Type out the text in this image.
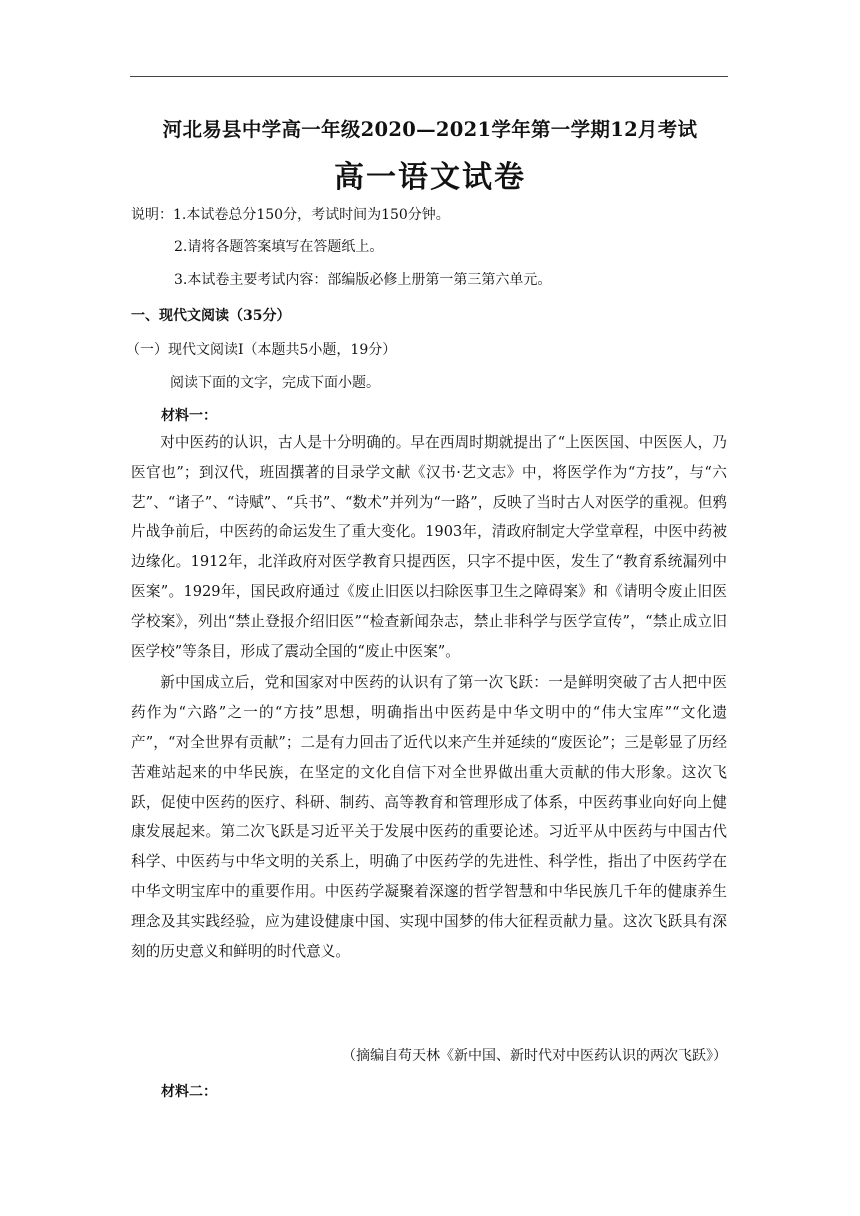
河北易县中学高一年级2020—2021学年第一学期12月考试
高一语文试卷
说明：1.本试卷总分150分，考试时间为150分钟。
2.请将各题答案填写在答题纸上。
3.本试卷主要考试内容：部编版必修上册第一第三第六单元。
一、现代文阅读（35分）
（一）现代文阅读Ⅰ（本题共5小题，19分）
阅读下面的文字，完成下面小题。
材料一：

对中医药的认识，古人是十分明确的。早在西周时期就提出了“上医医国、中医医人，乃医官也”；到汉代，班固撰著的目录学文献《汉书·艺文志》中，将医学作为“方技”，与“六艺”、“诸子”、“诗赋”、“兵书”、“数术”并列为“一路”，反映了当时古人对医学的重视。但鸦片战争前后，中医药的命运发生了重大变化。1903年，清政府制定大学堂章程，中医中药被边缘化。1912年，北洋政府对医学教育只提西医，只字不提中医，发生了“教育系统漏列中医案”。1929年，国民政府通过《废止旧医以扫除医事卫生之障碍案》和《请明令废止旧医学校案》，列出“禁止登报介绍旧医”“检查新闻杂志，禁止非科学与医学宣传”，“禁止成立旧医学校”等条目，形成了震动全国的“废止中医案”。

新中国成立后，党和国家对中医药的认识有了第一次飞跃：一是鲜明突破了古人把中医药作为“六路”之一的“方技”思想，明确指出中医药是中华文明中的“伟大宝库”“文化遗产”，“对全世界有贡献”；二是有力回击了近代以来产生并延续的“废医论”；三是彰显了历经苦难站起来的中华民族，在坚定的文化自信下对全世界做出重大贡献的伟大形象。这次飞跃，促使中医药的医疗、科研、制药、高等教育和管理形成了体系，中医药事业向好向上健康发展起来。第二次飞跃是习近平关于发展中医药的重要论述。习近平从中医药与中国古代科学、中医药与中华文明的关系上，明确了中医药学的先进性、科学性，指出了中医药学在中华文明宝库中的重要作用。中医药学凝聚着深邃的哲学智慧和中华民族几千年的健康养生理念及其实践经验，应为建设健康中国、实现中国梦的伟大征程贡献力量。这次飞跃具有深刻的历史意义和鲜明的时代意义。

（摘编自苟天林《新中国、新时代对中医药认识的两次飞跃》）
材料二：
